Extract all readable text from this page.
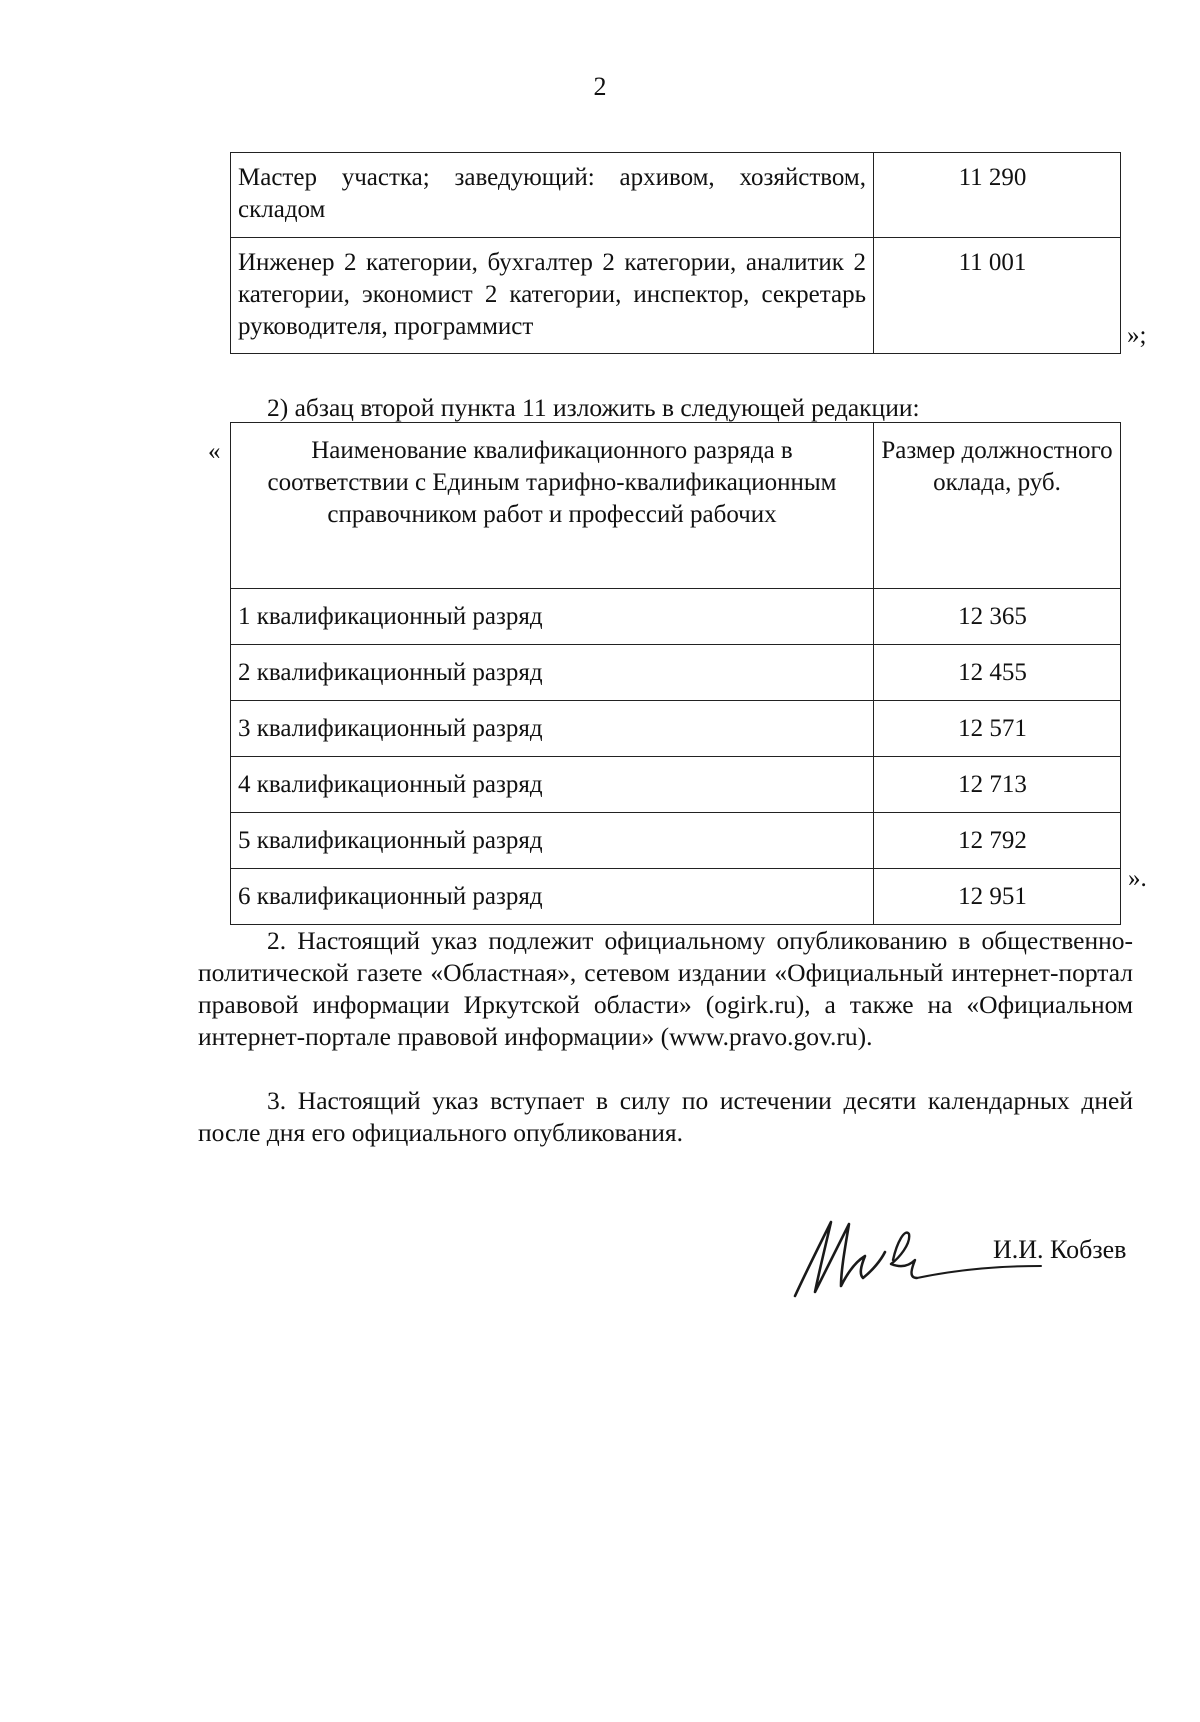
2
Мастер участка; заведующий: архивом, хозяйством, складом	11 290
Инженер 2 категории, бухгалтер 2 категории, аналитик 2 категории, экономист 2 категории, инспектор, секретарь руководителя, программист	11 001
»;
2) абзац второй пункта 11 изложить в следующей редакции:
«	Наименование квалификационного разряда в соответствии с Единым тарифно-квалификационным справочником работ и профессий рабочих	Размер должностного оклада, руб.
1 квалификационный разряд	12 365
2 квалификационный разряд	12 455
3 квалификационный разряд	12 571
4 квалификационный разряд	12 713
5 квалификационный разряд	12 792
6 квалификационный разряд	12 951
».
2. Настоящий указ подлежит официальному опубликованию в общественно-политической газете «Областная», сетевом издании «Официальный интернет-портал правовой информации Иркутской области» (ogirk.ru), а также на «Официальном интернет-портале правовой информации» (www.pravo.gov.ru).
3. Настоящий указ вступает в силу по истечении десяти календарных дней после дня его официального опубликования.
И.И. Кобзев
